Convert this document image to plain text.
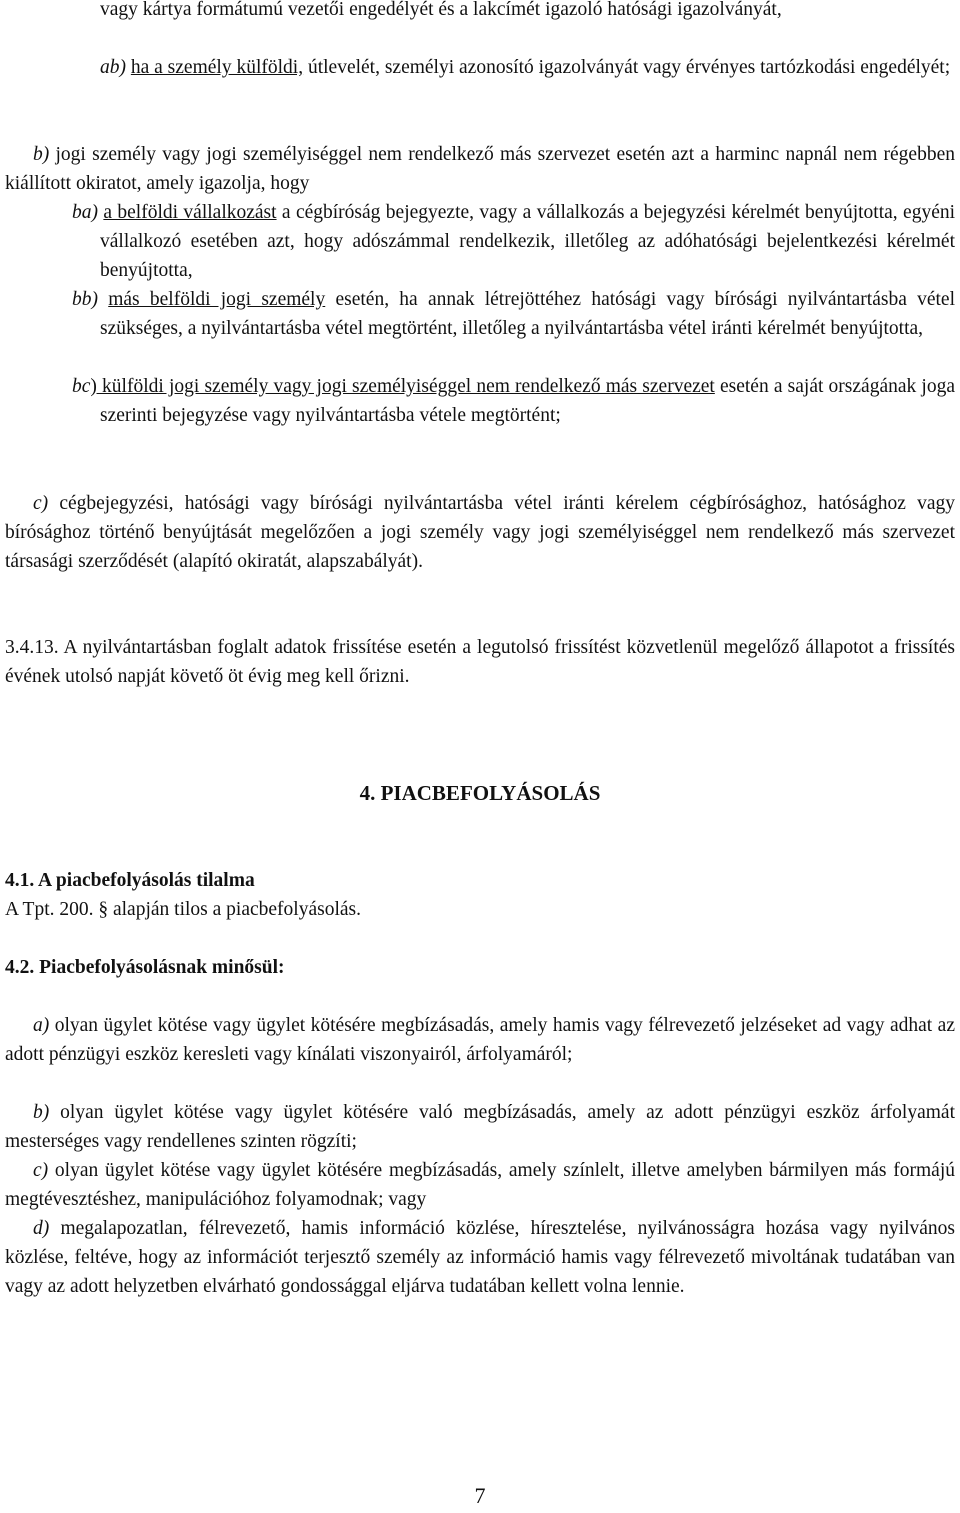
vagy kártya formátumú vezetői engedélyét és a lakcímét igazoló hatósági igazolványát,

ab) ha a személy külföldi, útlevelét, személyi azonosító igazolványát vagy érvényes tartózkodási engedélyét;

b) jogi személy vagy jogi személyiséggel nem rendelkező más szervezet esetén azt a harminc napnál nem régebben kiállított okiratot, amely igazolja, hogy

ba) a belföldi vállalkozást a cégbíróság bejegyezte, vagy a vállalkozás a bejegyzési kérelmét benyújtotta, egyéni vállalkozó esetében azt, hogy adószámmal rendelkezik, illetőleg az adóhatósági bejelentkezési kérelmét benyújtotta,

bb) más belföldi jogi személy esetén, ha annak létrejöttéhez hatósági vagy bírósági nyilvántartásba vétel szükséges, a nyilvántartásba vétel megtörtént, illetőleg a nyilvántartásba vétel iránti kérelmét benyújtotta,

bc) külföldi jogi személy vagy jogi személyiséggel nem rendelkező más szervezet esetén a saját országának joga szerinti bejegyzése vagy nyilvántartásba vétele megtörtént;

c) cégbejegyzési, hatósági vagy bírósági nyilvántartásba vétel iránti kérelem cégbírósághoz, hatósághoz vagy bírósághoz történő benyújtását megelőzően a jogi személy vagy jogi személyiséggel nem rendelkező más szervezet társasági szerződését (alapító okiratát, alapszabályát).

3.4.13. A nyilvántartásban foglalt adatok frissítése esetén a legutolsó frissítést közvetlenül megelőző állapotot a frissítés évének utolsó napját követő öt évig meg kell őrizni.

4. PIACBEFOLYÁSOLÁS
4.1. A piacbefolyásolás tilalma
A Tpt. 200. § alapján tilos a piacbefolyásolás.
4.2. Piacbefolyásolásnak minősül:

a) olyan ügylet kötése vagy ügylet kötésére megbízásadás, amely hamis vagy félrevezető jelzéseket ad vagy adhat az adott pénzügyi eszköz keresleti vagy kínálati viszonyairól, árfolyamáról;

b) olyan ügylet kötése vagy ügylet kötésére való megbízásadás, amely az adott pénzügyi eszköz árfolyamát mesterséges vagy rendellenes szinten rögzíti;

c) olyan ügylet kötése vagy ügylet kötésére megbízásadás, amely színlelt, illetve amelyben bármilyen más formájú megtévesztéshez, manipulációhoz folyamodnak; vagy

d) megalapozatlan, félrevezető, hamis információ közlése, híresztelése, nyilvánosságra hozása vagy nyilvános közlése, feltéve, hogy az információt terjesztő személy az információ hamis vagy félrevezető mivoltának tudatában van vagy az adott helyzetben elvárható gondossággal eljárva tudatában kellett volna lennie.

7
